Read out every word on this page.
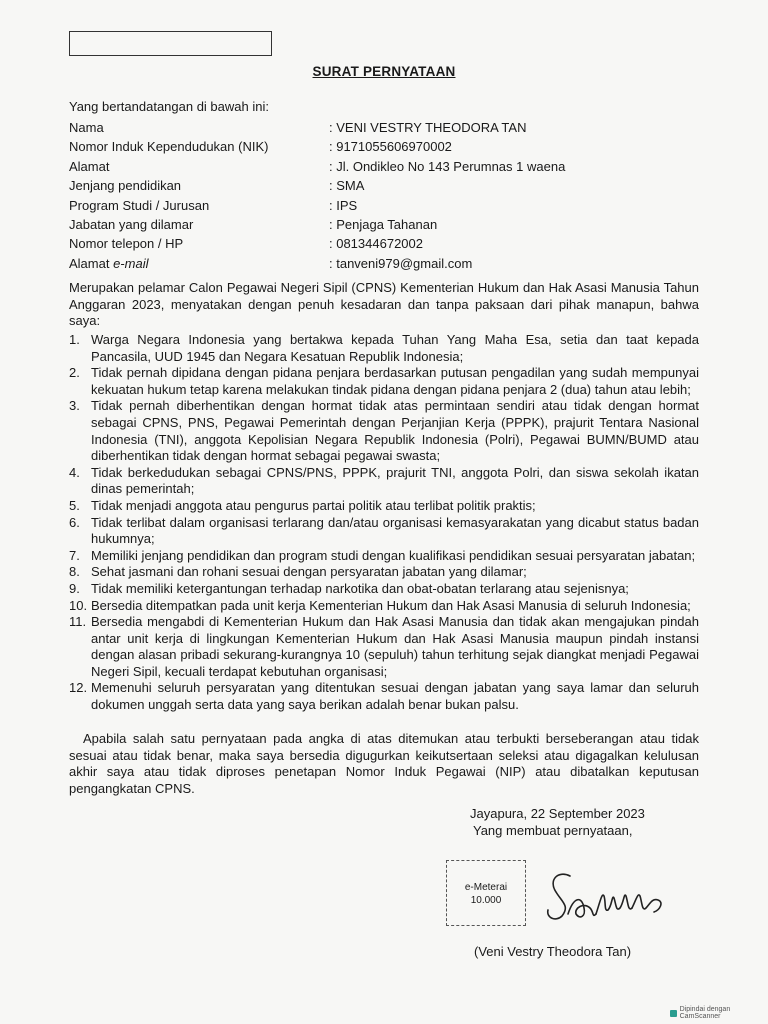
SURAT PERNYATAAN
Yang bertandatangan di bawah ini:
Nama	: VENI VESTRY THEODORA TAN
Nomor Induk Kependudukan (NIK)	: 9171055606970002
Alamat	: Jl. Ondikleo No 143 Perumnas 1 waena
Jenjang pendidikan	: SMA
Program Studi / Jurusan	: IPS
Jabatan yang dilamar	: Penjaga Tahanan
Nomor telepon / HP	: 081344672002
Alamat e-mail	: tanveni979@gmail.com
Merupakan pelamar Calon Pegawai Negeri Sipil (CPNS) Kementerian Hukum dan Hak Asasi Manusia Tahun Anggaran 2023, menyatakan dengan penuh kesadaran dan tanpa paksaan dari pihak manapun, bahwa saya:
1. Warga Negara Indonesia yang bertakwa kepada Tuhan Yang Maha Esa, setia dan taat kepada Pancasila, UUD 1945 dan Negara Kesatuan Republik Indonesia;
2. Tidak pernah dipidana dengan pidana penjara berdasarkan putusan pengadilan yang sudah mempunyai kekuatan hukum tetap karena melakukan tindak pidana dengan pidana penjara 2 (dua) tahun atau lebih;
3. Tidak pernah diberhentikan dengan hormat tidak atas permintaan sendiri atau tidak dengan hormat sebagai CPNS, PNS, Pegawai Pemerintah dengan Perjanjian Kerja (PPPK), prajurit Tentara Nasional Indonesia (TNI), anggota Kepolisian Negara Republik Indonesia (Polri), Pegawai BUMN/BUMD atau diberhentikan tidak dengan hormat sebagai pegawai swasta;
4. Tidak berkedudukan sebagai CPNS/PNS, PPPK, prajurit TNI, anggota Polri, dan siswa sekolah ikatan dinas pemerintah;
5. Tidak menjadi anggota atau pengurus partai politik atau terlibat politik praktis;
6. Tidak terlibat dalam organisasi terlarang dan/atau organisasi kemasyarakatan yang dicabut status badan hukumnya;
7. Memiliki jenjang pendidikan dan program studi dengan kualifikasi pendidikan sesuai persyaratan jabatan;
8. Sehat jasmani dan rohani sesuai dengan persyaratan jabatan yang dilamar;
9. Tidak memiliki ketergantungan terhadap narkotika dan obat-obatan terlarang atau sejenisnya;
10. Bersedia ditempatkan pada unit kerja Kementerian Hukum dan Hak Asasi Manusia di seluruh Indonesia;
11. Bersedia mengabdi di Kementerian Hukum dan Hak Asasi Manusia dan tidak akan mengajukan pindah antar unit kerja di lingkungan Kementerian Hukum dan Hak Asasi Manusia maupun pindah instansi dengan alasan pribadi sekurang-kurangnya 10 (sepuluh) tahun terhitung sejak diangkat menjadi Pegawai Negeri Sipil, kecuali terdapat kebutuhan organisasi;
12. Memenuhi seluruh persyaratan yang ditentukan sesuai dengan jabatan yang saya lamar dan seluruh dokumen unggah serta data yang saya berikan adalah benar bukan palsu.
Apabila salah satu pernyataan pada angka di atas ditemukan atau terbukti berseberangan atau tidak sesuai atau tidak benar, maka saya bersedia digugurkan keikutsertaan seleksi atau digagalkan kelulusan akhir saya atau tidak diproses penetapan Nomor Induk Pegawai (NIP) atau dibatalkan keputusan pengangkatan CPNS.
Jayapura, 22 September 2023
Yang membuat pernyataan,
e-Meterai
10.000
(Veni Vestry Theodora Tan)
Dipindai dengan CamScanner
